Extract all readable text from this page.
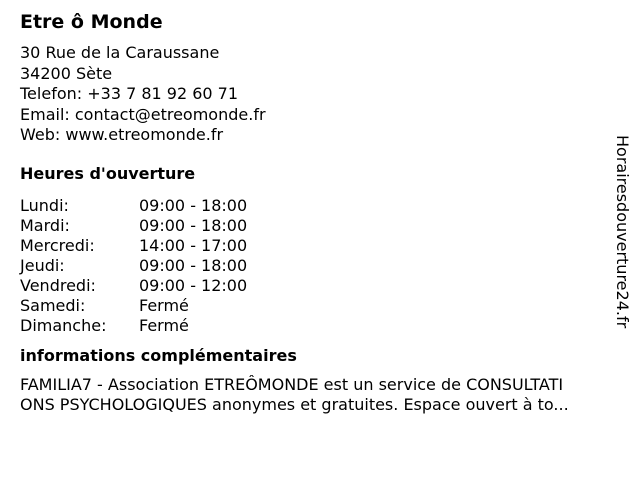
Etre ô Monde
30 Rue de la Caraussane
34200 Sète
Telefon: +33 7 81 92 60 71
Email: contact@etreomonde.fr
Web: www.etreomonde.fr
Heures d'ouverture
Lundi:	09:00 - 18:00
Mardi:	09:00 - 18:00
Mercredi:	14:00 - 17:00
Jeudi:	09:00 - 18:00
Vendredi:	09:00 - 12:00
Samedi:	Fermé
Dimanche:	Fermé
informations complémentaires
FAMILIA7 - Association ETREÔMONDE est un service de CONSULTATI
ONS PSYCHOLOGIQUES anonymes et gratuites. Espace ouvert à to...
Horairesdouverture24.fr
